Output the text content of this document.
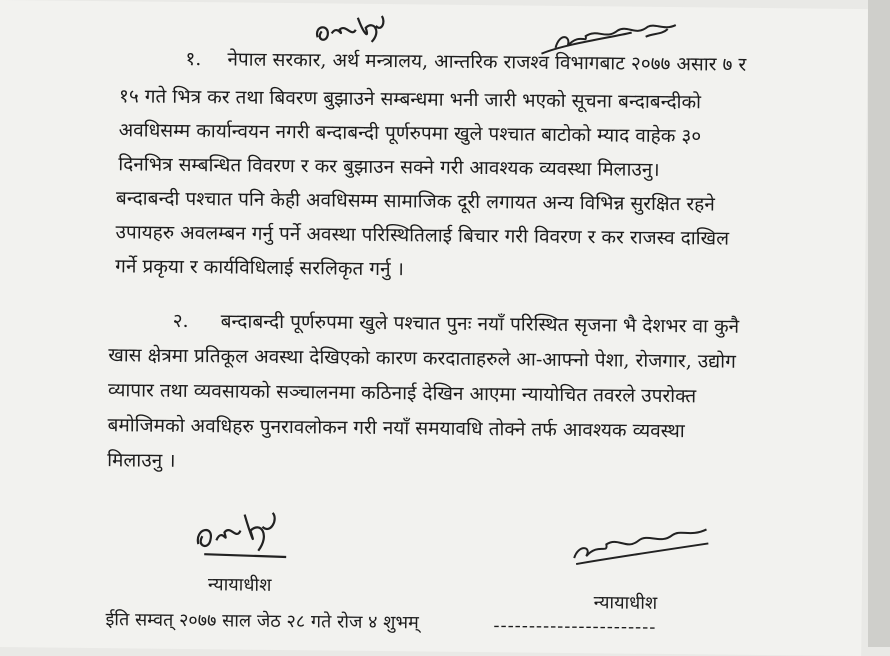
१. नेपाल सरकार, अर्थ मन्त्रालय, आन्तरिक राजश्व विभागबाट २०७७ असार ७ र
१५ गते भित्र कर तथा बिवरण बुझाउने सम्बन्धमा भनी जारी भएको सूचना बन्दाबन्दीको
अवधिसम्म कार्यान्वयन नगरी बन्दाबन्दी पूर्णरुपमा खुले पश्चात बाटोको म्याद वाहेक ३०
दिनभित्र सम्बन्धित विवरण र कर बुझाउन सक्ने गरी आवश्यक व्यवस्था मिलाउनु।
बन्दाबन्दी पश्चात पनि केही अवधिसम्म सामाजिक दूरी लगायत अन्य विभिन्न सुरक्षित रहने
उपायहरु अवलम्बन गर्नु पर्ने अवस्था परिस्थितिलाई बिचार गरी विवरण र कर राजस्व दाखिल
गर्ने प्रकृया र कार्यविधिलाई सरलिकृत गर्नु ।
२. बन्दाबन्दी पूर्णरुपमा खुले पश्चात पुनः नयाँ परिस्थित सृजना भै देशभर वा कुनै
खास क्षेत्रमा प्रतिकूल अवस्था देखिएको कारण करदाताहरुले आ-आफ्नो पेशा, रोजगार, उद्योग
व्यापार तथा व्यवसायको सञ्चालनमा कठिनाई देखिन आएमा न्यायोचित तवरले उपरोक्त
बमोजिमको अवधिहरु पुनरावलोकन गरी नयाँ समयावधि तोक्ने तर्फ आवश्यक व्यवस्था
मिलाउनु ।
न्यायाधीश
न्यायाधीश
ईति सम्वत् २०७७ साल जेठ २८ गते रोज ४ शुभम्	-----------------------
